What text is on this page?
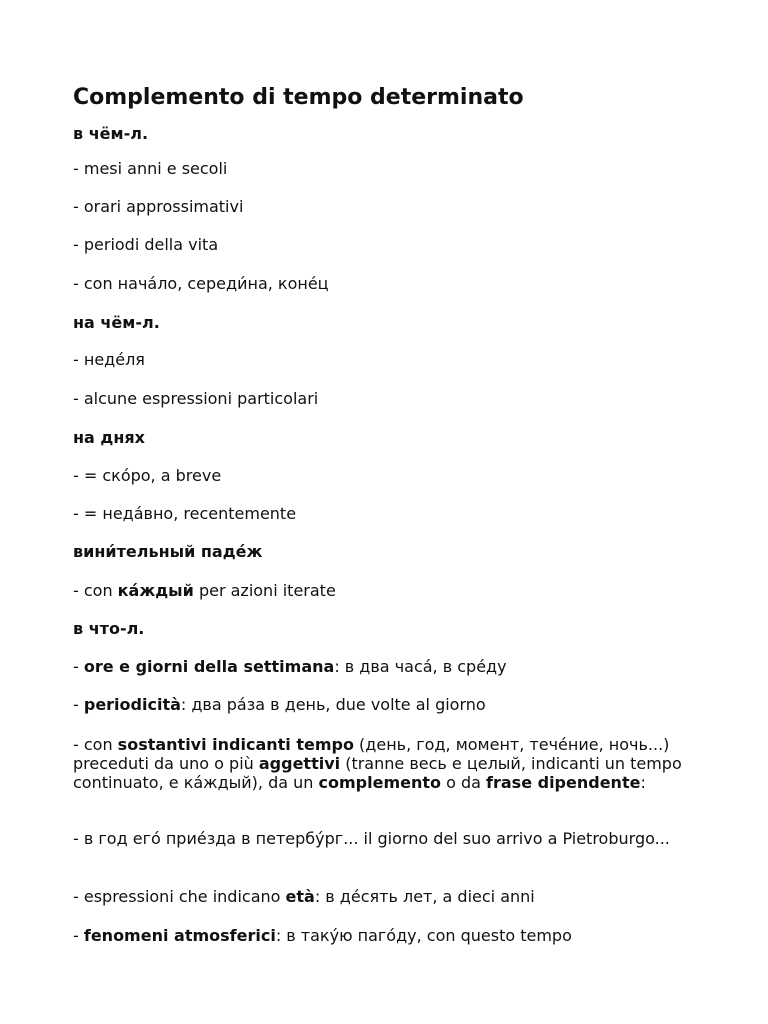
Complemento di tempo determinato
в чём-л.
- mesi anni e secoli
- orari approssimativi
- periodi della vita
- con нача́ло, середи́на, коне́ц
на чём-л.
- неде́ля
- alcune espressioni particolari
на днях
- = ско́ро, a breve
- = неда́вно, recentemente
вини́тельный паде́ж
- con ка́ждый per azioni iterate
в что-л.
- ore e giorni della settimana: в два часа́, в сре́ду
- periodicità: два ра́за в день, due volte al giorno
- con sostantivi indicanti tempo (день, год, момент, тече́ние, ночь...) preceduti da uno o più aggettivi (tranne весь e целый, indicanti un tempo continuato, e ка́ждый), da un complemento o da frase dipendente:
- в год его́ прие́зда в петербу́рг... il giorno del suo arrivo a Pietroburgo...
- espressioni che indicano età: в де́сять лет, a dieci anni
- fenomeni atmosferici: в таку́ю паго́ду, con questo tempo
